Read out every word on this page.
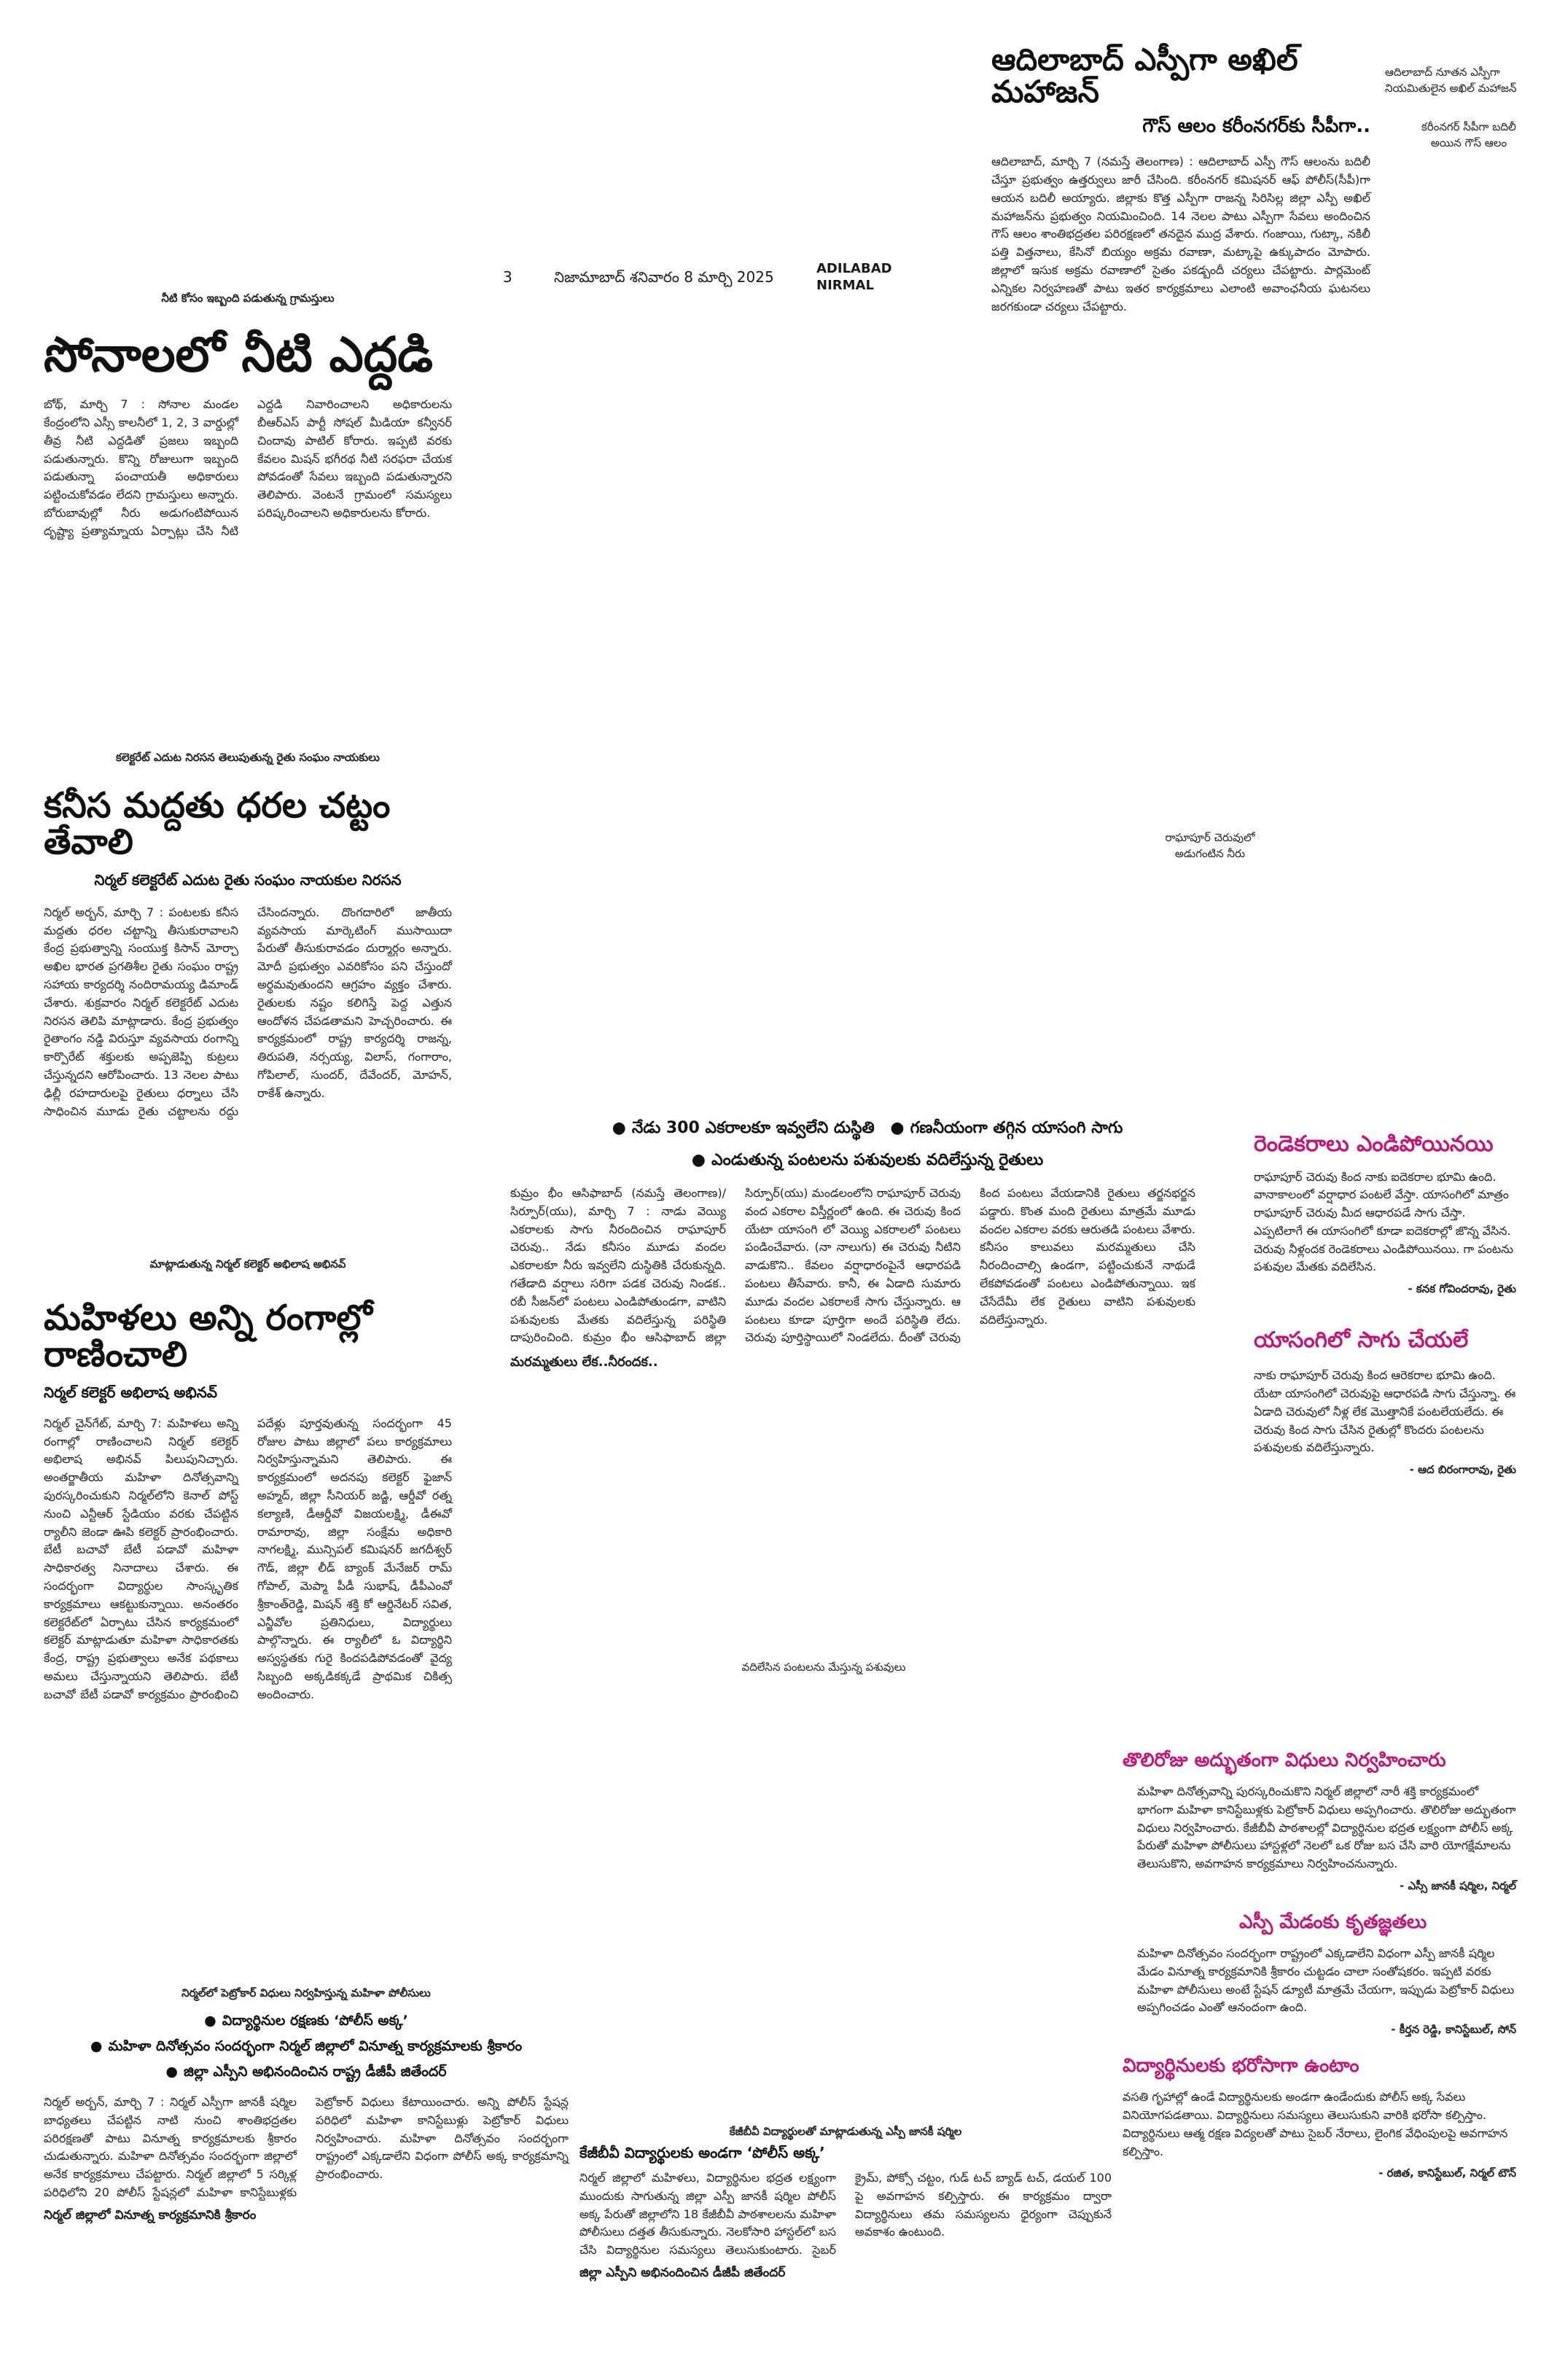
ఆదిలాబాద్ ఎస్పీగా అఖిల్ మహాజన్
గౌస్ ఆలం కరీంనగర్‌కు సీపీగా..
ఆదిలాబాద్, మార్చి 7 (నమస్తే తెలంగాణ) : ఆదిలాబాద్ ఎస్పీ గౌస్ ఆలంను బదిలీ చేస్తూ ప్రభుత్వం ఉత్తర్వులు జారీ చేసింది. కరీంనగర్ కమిషనర్ ఆఫ్ పోలీస్(సీపీ)గా ఆయన బదిలీ అయ్యారు. జిల్లాకు కొత్త ఎస్పీగా రాజన్న సిరిసిల్ల జిల్లా ఎస్పీ అఖిల్ మహాజన్‌ను ప్రభుత్వం నియమించింది. 14 నెలల పాటు ఎస్పీగా సేవలు అందించిన గౌస్ ఆలం శాంతిభద్రతల పరిరక్షణలో తనదైన ముద్ర వేశారు. గంజాయి, గుట్కా, నకిలీ పత్తి విత్తనాలు, కేసినో బియ్యం అక్రమ రవాణా, మట్కాపై ఉక్కుపాదం మోపారు. జిల్లాలో ఇసుక అక్రమ రవాణాలో సైతం పకడ్బందీ చర్యలు చేపట్టారు. పార్లమెంట్ ఎన్నికల నిర్వహణతో పాటు ఇతర కార్యక్రమాలు ఎలాంటి అవాంఛనీయ ఘటనలు జరగకుండా చర్యలు చేపట్టారు.
ఆదిలాబాద్ నూతన ఎస్పీగా నియమితులైన అఖిల్ మహాజన్
కరీంనగర్ సీపీగా బదిలీ అయిన గౌస్ ఆలం
3	నిజామాబాద్ శనివారం 8 మార్చి 2025	ADILABAD
NIRMAL
నీటి కోసం ఇబ్బంది పడుతున్న గ్రామస్తులు
సోనాలలో నీటి ఎద్దడి
బోథ్, మార్చి 7 : సోనాల మండల కేంద్రంలోని ఎస్సీ కాలనీలో 1, 2, 3 వార్డుల్లో తీవ్ర నీటి ఎద్దడితో ప్రజలు ఇబ్బంది పడుతున్నారు. కొన్ని రోజులుగా ఇబ్బంది పడుతున్నా పంచాయతీ అధికారులు పట్టించుకోవడం లేదని గ్రామస్తులు అన్నారు. బోరుబావుల్లో నీరు అడుగంటిపోయిన దృష్ట్యా ప్రత్యామ్నాయ ఏర్పాట్లు చేసి నీటి ఎద్దడి నివారించాలని అధికారులను బీఆర్‌ఎస్ పార్టీ సోషల్ మీడియా కన్వీనర్ చిందావు పాటిల్ కోరారు. ఇప్పటి వరకు కేవలం మిషన్ భగీరథ నీటి సరఫరా చేయక పోవడంతో సేవలు ఇబ్బంది పడుతున్నారని తెలిపారు. వెంటనే గ్రామంలో సమస్యలు పరిష్కరించాలని అధికారులను కోరారు.
కలెక్టరేట్ ఎదుట నిరసన తెలుపుతున్న రైతు సంఘం నాయకులు
కనీస మద్దతు ధరల చట్టం తేవాలి
నిర్మల్ కలెక్టరేట్ ఎదుట రైతు సంఘం నాయకుల నిరసన
నిర్మల్ అర్బన్, మార్చి 7 : పంటలకు కనీస మద్దతు ధరల చట్టాన్ని తీసుకురావాలని కేంద్ర ప్రభుత్వాన్ని సంయుక్త కిసాన్ మోర్చా అఖిల భారత ప్రగతిశీల రైతు సంఘం రాష్ట్ర సహాయ కార్యదర్శి నందిరామయ్య డిమాండ్ చేశారు. శుక్రవారం నిర్మల్ కలెక్టరేట్ ఎదుట నిరసన తెలిపి మాట్లాడారు. కేంద్ర ప్రభుత్వం రైతాంగం నడ్డి విరుస్తూ వ్యవసాయ రంగాన్ని కార్పొరేట్ శక్తులకు అప్పజెప్పి కుట్రలు చేస్తున్నదని ఆరోపించారు. 13 నెలల పాటు ఢిల్లీ రహదారులపై రైతులు ధర్నాలు చేసి సాధించిన మూడు రైతు చట్టాలను రద్దు చేసిందన్నారు. దొంగదారిలో జాతీయ వ్యవసాయ మార్కెటింగ్ ముసాయిదా పేరుతో తీసుకురావడం దుర్మార్గం అన్నారు. మోదీ ప్రభుత్వం ఎవరికోసం పని చేస్తుందో అర్థమవుతుందని ఆగ్రహం వ్యక్తం చేశారు. రైతులకు నష్టం కలిగిస్తే పెద్ద ఎత్తున ఆందోళన చేపడతామని హెచ్చరించారు. ఈ కార్యక్రమంలో రాష్ట్ర కార్యదర్శి రాజన్న, తిరుపతి, నర్సయ్య, విలాస్, గంగారాం, గోపిలాల్, సుందర్, దేవేందర్, మోహన్, రాకేశ్ ఉన్నారు.
రాఘాపూర్ చెరువులో అడుగంటిన నీరు
● నేడు 300 ఎకరాలకూ ఇవ్వలేని దుస్థితి ● గణనీయంగా తగ్గిన యాసంగి సాగు
● ఎండుతున్న పంటలను పశువులకు వదిలేస్తున్న రైతులు
కుమ్రం భీం ఆసిఫాబాద్ (నమస్తే తెలంగాణ)/ సిర్పూర్(యు), మార్చి 7 : నాడు వెయ్యి ఎకరాలకు సాగు నీరందించిన రాఘాపూర్ చెరువు.. నేడు కనీసం మూడు వందల ఎకరాలకూ నీరు ఇవ్వలేని దుస్థితికి చేరుకున్నది. గతేడాది వర్షాలు సరిగా పడక చెరువు నిండక.. రబీ సీజన్‌లో పంటలు ఎండిపోతుండగా, వాటిని పశువులకు మేతకు వదిలేస్తున్న పరిస్థితి దాపురించింది. కుమ్రం భీం ఆసిఫాబాద్ జిల్లా సిర్పూర్(యు) మండలంలోని రాఘాపూర్ చెరువు వంద ఎకరాల విస్తీర్ణంలో ఉంది. ఈ చెరువు కింద యేటా యాసంగి లో వెయ్యి ఎకరాలలో పంటలు పండించేవారు. (నా నాలుగు) ఈ చెరువు నీటిని వాడుకొని.. కేవలం వర్షాధారంపైనే ఆధారపడి పంటలు తీసేవారు. కానీ, ఈ ఏడాది సుమారు మూడు వందల ఎకరాలకే సాగు చేస్తున్నారు. ఆ పంటలు కూడా పూర్తిగా అందే పరిస్థితి లేదు. చెరువు పూర్తిస్థాయిలో నిండలేదు. దీంతో చెరువు కింద పంటలు వేయడానికి రైతులు తర్జనభర్జన పడ్డారు. కొంత మంది రైతులు మాత్రమే మూడు వందల ఎకరాల వరకు ఆరుతడి పంటలు వేశారు. కనీసం కాలువలు మరమ్మతులు చేసి నీరందించాల్సి ఉండగా, పట్టించుకునే నాథుడే లేకపోవడంతో పంటలు ఎండిపోతున్నాయి. ఇక చేసేదేమీ లేక రైతులు వాటిని పశువులకు వదిలేస్తున్నారు.
మరమ్మతులు లేక..నీరందక..
రెండెకరాలు ఎండిపోయినయి
రాఘాపూర్ చెరువు కింద నాకు ఐదెకరాల భూమి ఉంది. వానాకాలంలో వర్షాధార పంటలే వేస్తా. యాసంగిలో మాత్రం రాఘాపూర్ చెరువు మీద ఆధారపడే సాగు చేస్తా. ఎప్పటిలాగే ఈ యాసంగిలో కూడా ఐదెకరాల్లో జొన్న వేసిన. చెరువు నీళ్లందక రెండెకరాలు ఎండిపోయినయి. గా పంటను పశువుల మేతకు వదిలేసిన.
- కనక గోవిందరావు, రైతు
యాసంగిలో సాగు చేయలే
నాకు రాఘాపూర్ చెరువు కింద ఆరెకరాల భూమి ఉంది. యేటా యాసంగిలో చెరువుపై ఆధారపడి సాగు చేస్తున్నా. ఈ ఏడాది చెరువులో నీళ్ల లేక మొత్తానికే పంటలేయలేదు. ఈ చెరువు కింద సాగు చేసిన రైతుల్లో కొందరు పంటలను పశువులకు వదిలేస్తున్నారు.
- ఆద బిరంగారావు, రైతు
వదిలేసిన పంటలను మేస్తున్న పశువులు
మాట్లాడుతున్న నిర్మల్ కలెక్టర్ అభిలాష అభినవ్
మహిళలు అన్ని రంగాల్లో రాణించాలి
నిర్మల్ కలెక్టర్ అభిలాష అభినవ్
నిర్మల్ చైన్‌గేట్, మార్చి 7: మహిళలు అన్ని రంగాల్లో రాణించాలని నిర్మల్ కలెక్టర్ అభిలాష అభినవ్ పిలుపునిచ్చారు. అంతర్జాతీయ మహిళా దినోత్సవాన్ని పురస్కరించుకుని నిర్మల్‌లోని కెనాల్ పోస్ట్ నుంచి ఎన్టీఆర్ స్టేడియం వరకు చేపట్టిన ర్యాలీని జెండా ఊపి కలెక్టర్ ప్రారంభించారు. బేటీ బచావో బేటీ పడావో మహిళా సాధికారత్వ నినాదాలు చేశారు. ఈ సందర్భంగా విద్యార్థుల సాంస్కృతిక కార్యక్రమాలు ఆకట్టుకున్నాయి. అనంతరం కలెక్టరేట్‌లో ఏర్పాటు చేసిన కార్యక్రమంలో కలెక్టర్ మాట్లాడుతూ మహిళా సాధికారతకు కేంద్ర, రాష్ట్ర ప్రభుత్వాలు అనేక పథకాలు అమలు చేస్తున్నాయని తెలిపారు. బేటీ బచావో బేటీ పడావో కార్యక్రమం ప్రారంభించి పదేళ్లు పూర్తవుతున్న సందర్భంగా 45 రోజుల పాటు జిల్లాలో పలు కార్యక్రమాలు నిర్వహిస్తున్నామని తెలిపారు. ఈ కార్యక్రమంలో అదనపు కలెక్టర్ ఫైజాన్ అహ్మద్, జిల్లా సీనియర్ జడ్జి, ఆర్డీవో రత్న కల్యాణి, డీఆర్డీవో విజయలక్ష్మి, డీఈవో రామారావు, జిల్లా సంక్షేమ అధికారి నాగలక్ష్మి, మున్సిపల్ కమిషనర్ జగదీశ్వర్ గౌడ్, జిల్లా లీడ్ బ్యాంక్ మేనేజర్ రామ్ గోపాల్, మెప్మా పీడీ సుభాష్, డీపీఎంవో శ్రీకాంత్‌రెడ్డి, మిషన్ శక్తి కో ఆర్డినేటర్ సవిత, ఎన్జీవోల ప్రతినిధులు, విద్యార్థులు పాల్గొన్నారు. ఈ ర్యాలీలో ఓ విద్యార్థిని అస్వస్థతకు గురై కిందపడిపోవడంతో వైద్య సిబ్బంది అక్కడికక్కడే ప్రాథమిక చికిత్స అందించారు.
తొలిరోజు అద్భుతంగా విధులు నిర్వహించారు
మహిళా దినోత్సవాన్ని పురస్కరించుకొని నిర్మల్ జిల్లాలో నారీ శక్తి కార్యక్రమంలో భాగంగా మహిళా కానిస్టేబుళ్లకు పెట్రోకార్ విధులు అప్పగించారు. తొలిరోజు అద్భుతంగా విధులు నిర్వహించారు. కేజీబీవీ పాఠశాలల్లో విద్యార్థినుల భద్రత లక్ష్యంగా పోలీస్ అక్క పేరుతో మహిళా పోలీసులు హాస్టళ్లలో నెలలో ఒక రోజు బస చేసి వారి యోగక్షేమాలను తెలుసుకొని, అవగాహన కార్యక్రమాలు నిర్వహించనున్నారు.
- ఎస్సీ జానకీ షర్మిల, నిర్మల్
ఎస్పీ మేడంకు కృతజ్ఞతలు
మహిళా దినోత్సవం సందర్భంగా రాష్ట్రంలో ఎక్కడాలేని విధంగా ఎస్పీ జానకీ షర్మిల మేడం వినూత్న కార్యక్రమానికి శ్రీకారం చుట్టడం చాలా సంతోషకరం. ఇప్పటి వరకు మహిళా పోలీసులు అంటే స్టేషన్ డ్యూటీ మాత్రమే చేయగా, ఇప్పుడు పెట్రోకార్ విధులు అప్పగించడం ఎంతో ఆనందంగా ఉంది.
- కీర్తన రెడ్డి, కానిస్టేబుల్, సోన్
విద్యార్థినులకు భరోసాగా ఉంటాం
వసతి గృహాల్లో ఉండే విద్యార్థినులకు అండగా ఉండేందుకు పోలీస్ అక్క సేవలు వినియోగపడతాయి. విద్యార్థినులు సమస్యలు తెలుసుకుని వారికి భరోసా కల్పిస్తాం. విద్యార్థినులు ఆత్మ రక్షణ విద్యలతో పాటు సైబర్ నేరాలు, లైంగిక వేధింపులపై అవగాహన కల్పిస్తాం.
- రజిత, కానిస్టేబుల్, నిర్మల్ టౌన్
నిర్మల్‌లో పెట్రోకార్ విధులు నిర్వహిస్తున్న మహిళా పోలీసులు
● విద్యార్థినుల రక్షణకు ‘పోలీస్ అక్క’
● మహిళా దినోత్సవం సందర్భంగా నిర్మల్ జిల్లాలో వినూత్న కార్యక్రమాలకు శ్రీకారం
● జిల్లా ఎస్పీని అభినందించిన రాష్ట్ర డీజీపీ జితేందర్
నిర్మల్ అర్బన్, మార్చి 7 : నిర్మల్ ఎస్పీగా జానకీ షర్మిల బాధ్యతలు చేపట్టిన నాటి నుంచి శాంతిభద్రతల పరిరక్షణతో పాటు వినూత్న కార్యక్రమాలకు శ్రీకారం చుడుతున్నారు. మహిళా దినోత్సవం సందర్భంగా జిల్లాలో అనేక కార్యక్రమాలు చేపట్టారు. నిర్మల్ జిల్లాలో 5 సర్కిళ్ల పరిధిలోని 20 పోలీస్ స్టేషన్లలో మహిళా కానిస్టేబుళ్లకు పెట్రోకార్ విధులు కేటాయించారు. అన్ని పోలీస్ స్టేషన్ల పరిధిలో మహిళా కానిస్టేబుళ్లు పెట్రోకార్ విధులు నిర్వహించారు. మహిళా దినోత్సవం సందర్భంగా రాష్ట్రంలో ఎక్కడాలేని విధంగా పోలీస్ అక్క కార్యక్రమాన్ని ప్రారంభించారు.
నిర్మల్ జిల్లాలో వినూత్న కార్యక్రమానికి శ్రీకారం
కేజీబీవీ విద్యార్థులతో మాట్లాడుతున్న ఎస్పీ జానకీ షర్మిల
కేజీబీవీ విద్యార్థులకు అండగా ‘పోలీస్ అక్క’
నిర్మల్ జిల్లాలో మహిళలు, విద్యార్థినుల భద్రత లక్ష్యంగా ముందుకు సాగుతున్న జిల్లా ఎస్పీ జానకీ షర్మిల పోలీస్ అక్క పేరుతో జిల్లాలోని 18 కేజీబీవీ పాఠశాలలను మహిళా పోలీసులు దత్తత తీసుకున్నారు. నెలకోసారి హాస్టల్‌లో బస చేసి విద్యార్థినుల సమస్యలు తెలుసుకుంటారు. సైబర్ క్రైమ్, పోక్సో చట్టం, గుడ్ టచ్ బ్యాడ్ టచ్, డయల్ 100 పై అవగాహన కల్పిస్తారు. ఈ కార్యక్రమం ద్వారా విద్యార్థినులు తమ సమస్యలను ధైర్యంగా చెప్పుకునే అవకాశం ఉంటుంది.
జిల్లా ఎస్పీని అభినందించిన డీజీపీ జితేందర్
